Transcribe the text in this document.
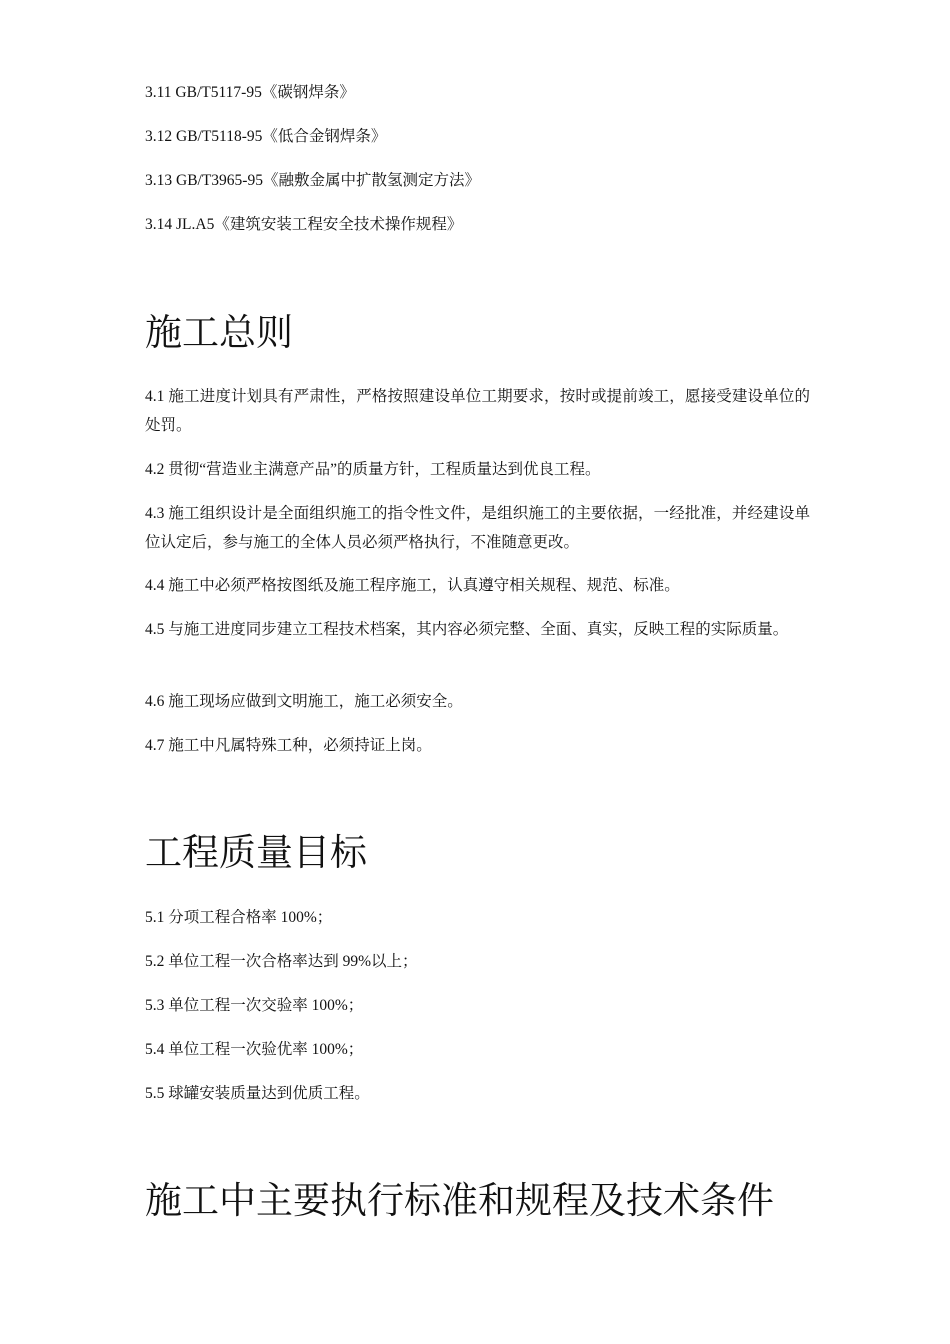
3.11 GB/T5117-95《碳钢焊条》

3.12 GB/T5118-95《低合金钢焊条》

3.13 GB/T3965-95《融敷金属中扩散氢测定方法》

3.14 JL.A5《建筑安装工程安全技术操作规程》

施工总则

4.1 施工进度计划具有严肃性，严格按照建设单位工期要求，按时或提前竣工，愿接受建设单位的处罚。

4.2 贯彻“营造业主满意产品”的质量方针，工程质量达到优良工程。

4.3 施工组织设计是全面组织施工的指令性文件，是组织施工的主要依据，一经批准，并经建设单位认定后，参与施工的全体人员必须严格执行，不准随意更改。

4.4 施工中必须严格按图纸及施工程序施工，认真遵守相关规程、规范、标准。

4.5 与施工进度同步建立工程技术档案，其内容必须完整、全面、真实，反映工程的实际质量。

4.6 施工现场应做到文明施工，施工必须安全。

4.7 施工中凡属特殊工种，必须持证上岗。

工程质量目标

5.1 分项工程合格率 100%；

5.2 单位工程一次合格率达到 99%以上；

5.3 单位工程一次交验率 100%；

5.4 单位工程一次验优率 100%；

5.5 球罐安装质量达到优质工程。

施工中主要执行标准和规程及技术条件
